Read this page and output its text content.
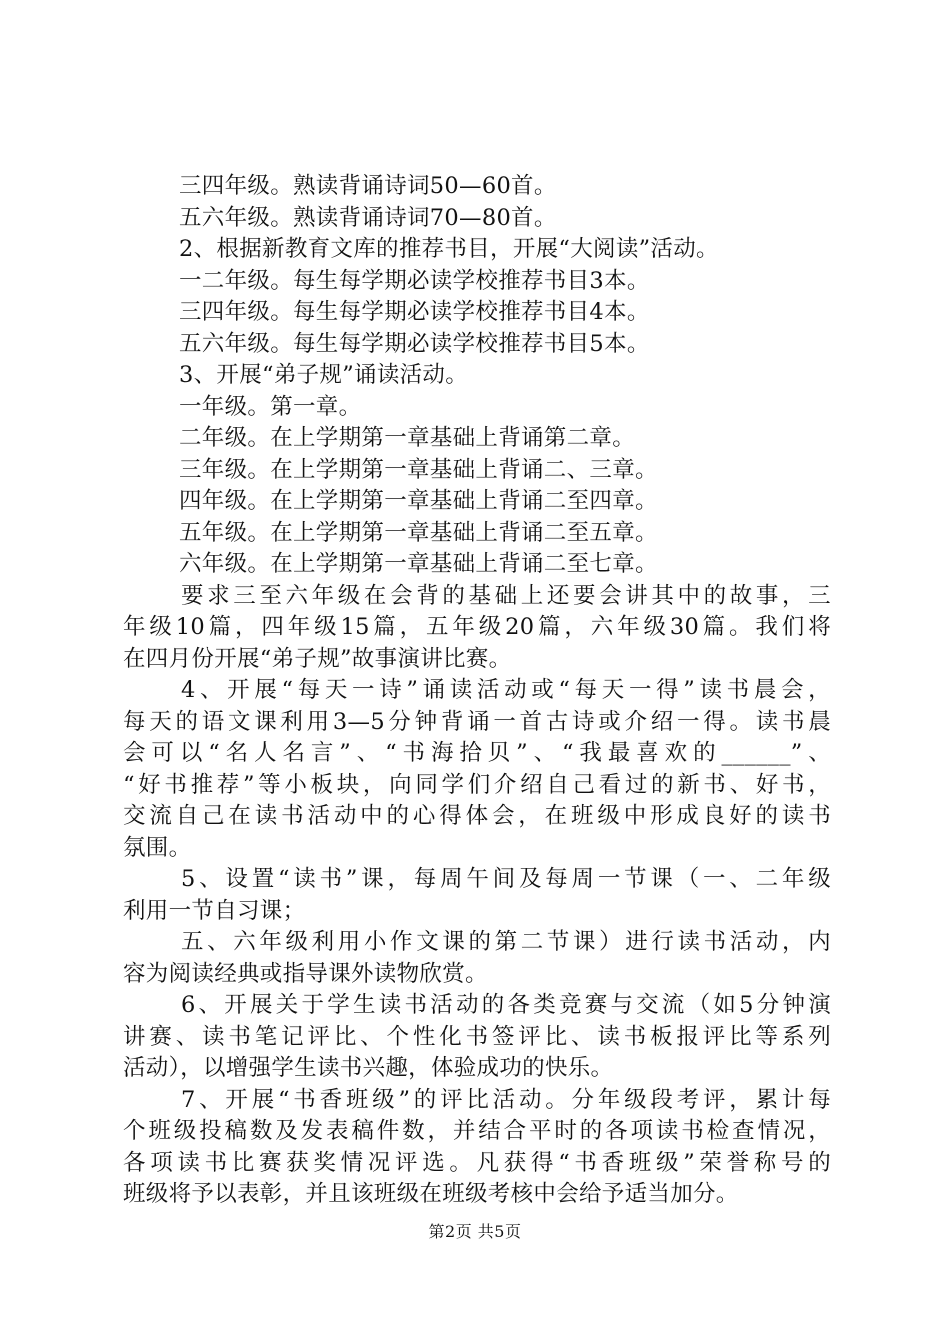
三四年级。熟读背诵诗词50—60首。

五六年级。熟读背诵诗词70—80首。

2、根据新教育文库的推荐书目，开展“大阅读”活动。

一二年级。每生每学期必读学校推荐书目3本。

三四年级。每生每学期必读学校推荐书目4本。

五六年级。每生每学期必读学校推荐书目5本。

3、开展“弟子规”诵读活动。

一年级。第一章。

二年级。在上学期第一章基础上背诵第二章。

三年级。在上学期第一章基础上背诵二、三章。

四年级。在上学期第一章基础上背诵二至四章。

五年级。在上学期第一章基础上背诵二至五章。

六年级。在上学期第一章基础上背诵二至七章。

要求三至六年级在会背的基础上还要会讲其中的故事，三

年级10篇，四年级15篇，五年级20篇，六年级30篇。我们将

在四月份开展“弟子规”故事演讲比赛。

4、开展“每天一诗”诵读活动或“每天一得”读书晨会，

每天的语文课利用3—5分钟背诵一首古诗或介绍一得。读书晨

会可以“名人名言”、“书海拾贝”、“我最喜欢的______”、

“好书推荐”等小板块，向同学们介绍自己看过的新书、好书，

交流自己在读书活动中的心得体会，在班级中形成良好的读书

氛围。

5、设置“读书”课，每周午间及每周一节课（一、二年级

利用一节自习课；

五、六年级利用小作文课的第二节课）进行读书活动，内

容为阅读经典或指导课外读物欣赏。

6、开展关于学生读书活动的各类竞赛与交流（如5分钟演

讲赛、读书笔记评比、个性化书签评比、读书板报评比等系列

活动），以增强学生读书兴趣，体验成功的快乐。

7、开展“书香班级”的评比活动。分年级段考评，累计每

个班级投稿数及发表稿件数，并结合平时的各项读书检查情况，

各项读书比赛获奖情况评选。凡获得“书香班级”荣誉称号的

班级将予以表彰，并且该班级在班级考核中会给予适当加分。

第2页 共5页
